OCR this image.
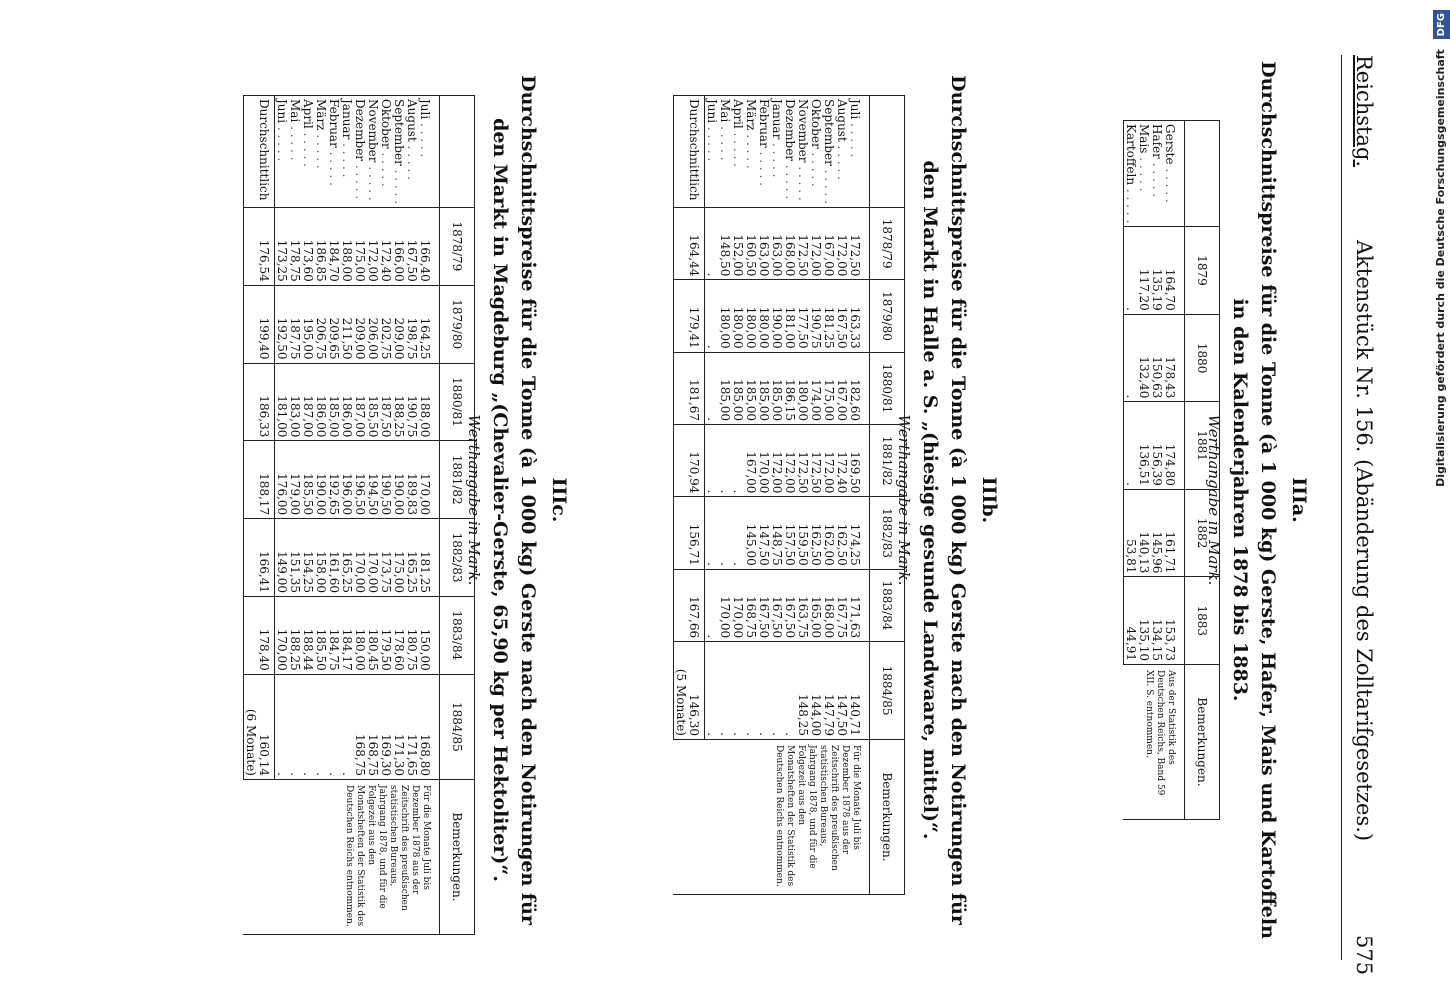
Reichstag.
Aktenstück Nr. 156. (Abänderung des Zolltarifgesetzes.)
575
IIIa.
Durchschnittspreise für die Tonne (à 1 000 kg) Gerste, Hafer, Mais und Kartoffeln in den Kalenderjahren 1878 bis 1883.
Werthangabe in Mark.
	1879	1880	1881	1882	1883	Bemerkungen.
Gerste . . . . .	164,70	178,43	174,80	161,71	153,73	Aus der Statistik des Deutschen Reichs, Band 59 XII. S. entnommen.
Hafer . . . . .	135,19	150,63	156,39	145,96	134,15	
Mais . . . . .	117,20	132,40	136,51	140,13	135,10	
Kartoffeln . . . . .	.	.	.	53,81	44,91	
IIIb.
Durchschnittspreise für die Tonne (à 1 000 kg) Gerste nach den Notirungen für den Markt in Halle a. S. „(hiesige gesunde Landwaare, mittel)“.
Werthangabe in Mark.
	1878/79	1879/80	1880/81	1881/82	1882/83	1883/84	1884/85	Bemerkungen.
Juli . . . . .	172,50	163,33	182,60	169,50	174,25	171,63	140,71	Für die Monate Juli bis Dezember 1878 aus der Zeitschrift des preußischen statistischen Bureaus, Jahrgang 1878, und für die Folgezeit aus den Monatsheften der Statistik des Deutschen Reichs entnommen.
August . . . . .	172,00	167,50	167,00	172,40	162,50	167,75	147,50	
September . . . . .	167,00	181,25	175,00	172,00	162,00	168,00	147,79	
Oktober . . . . .	172,00	190,75	174,00	172,50	162,50	165,00	144,00	
November . . . . .	172,50	177,50	180,00	172,50	159,50	163,75	148,25	
Dezember . . . . .	168,00	181,00	186,15	172,00	157,50	167,50	.	
Januar . . . . .	163,00	190,00	185,00	172,00	148,75	167,50	.	
Februar . . . . .	163,00	180,00	185,00	170,00	147,50	167,50	.	
März . . . . .	160,50	180,00	185,00	167,00	145,00	168,75	.	
April . . . . .	152,00	180,00	185,00	.	.	170,00	.	
Mai . . . . .	148,50	180,00	185,00	.	.	170,00	.	
Juni . . . . .	.	.	.	.	.	.	.	
Durchschnittlich	164,44	179,41	181,67	170,94	156,71	167,66	146,30
(5 Monate)	
IIIc.
Durchschnittspreise für die Tonne (à 1 000 kg) Gerste nach den Notirungen für den Markt in Magdeburg „(Chevalier-Gerste, 65,90 kg per Hektoliter)“.
Werthangabe in Mark.
	1878/79	1879/80	1880/81	1881/82	1882/83	1883/84	1884/85	Bemerkungen.
Juli . . . . .	166,40	164,25	188,00	170,00	181,25	150,00	168,80	Für die Monate Juli bis Dezember 1878 aus der Zeitschrift des preußischen statistischen Bureaus, Jahrgang 1878, und für die Folgezeit aus den Monatsheften der Statistik des Deutschen Reichs entnommen.
August . . . . .	167,50	198,75	190,75	189,83	165,25	180,75	171,65	
September . . . . .	166,00	209,00	188,25	190,00	175,00	178,60	171,30	
Oktober . . . . .	172,40	202,75	187,50	190,50	173,75	179,50	169,30	
November . . . . .	172,00	206,00	185,50	194,50	170,00	180,45	168,75	
Dezember . . . . .	175,00	209,00	187,00	196,50	170,00	180,00	168,75	
Januar . . . . .	188,00	211,50	186,00	196,00	165,25	184,17	.	
Februar . . . . .	184,70	209,65	185,00	192,65	161,60	184,75	.	
März . . . . .	186,85	206,75	186,00	190,00	158,00	185,50	.	
April . . . . .	173,60	195,00	187,00	185,50	154,25	188,44	.	
Mai . . . . .	178,75	187,75	183,00	179,00	151,35	188,25	.	
Juni . . . . .	173,25	192,50	181,00	176,00	149,00	170,00	.	
Durchschnittlich	176,54	199,40	186,33	188,17	166,41	178,40	160,14
(6 Monate)	
Digitalisierung gefördert durch die Deutsche Forschungsgemeinschaft DFG
